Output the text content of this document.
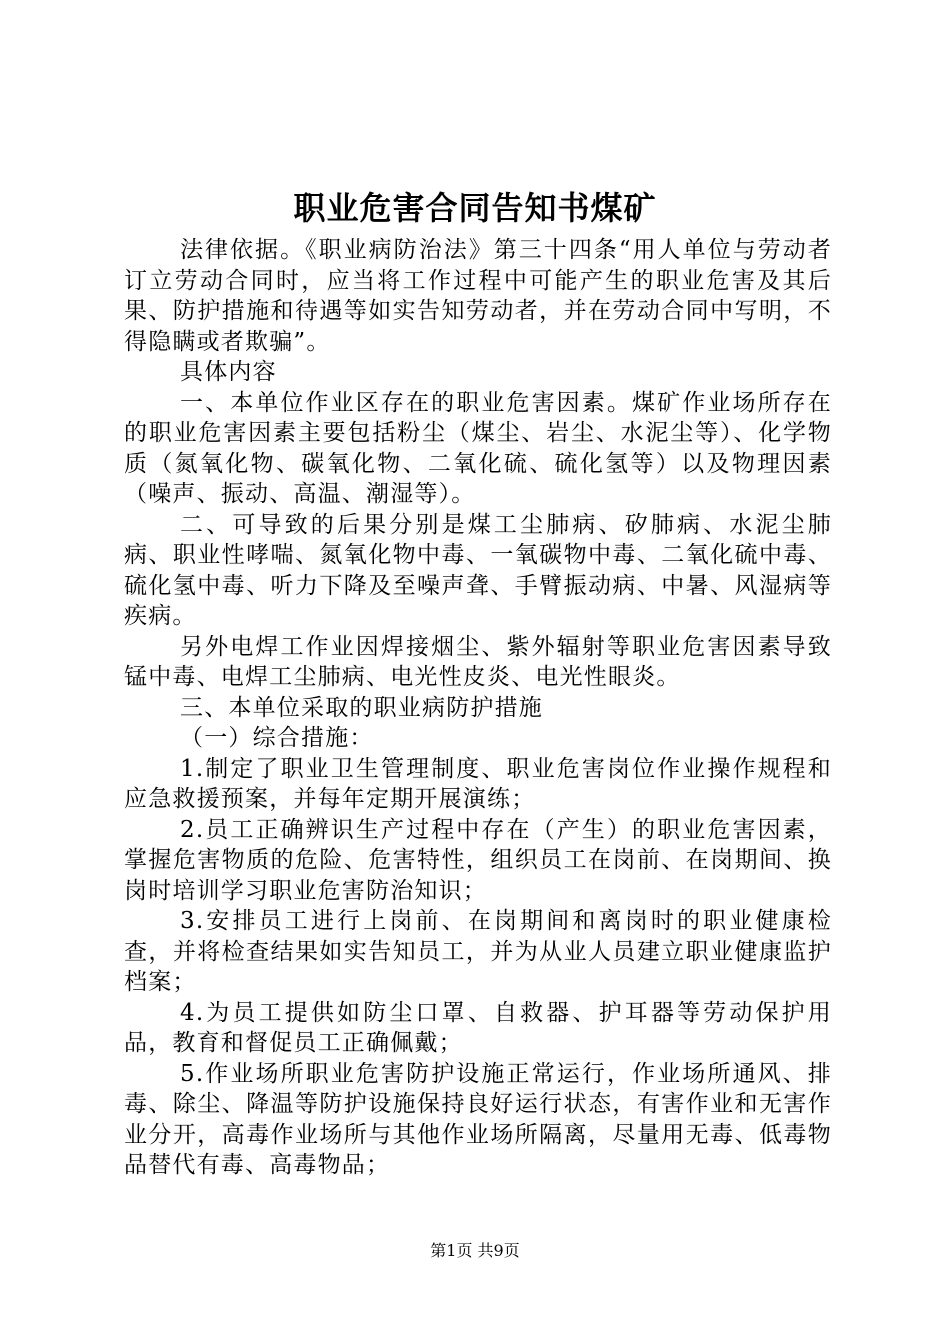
职业危害合同告知书煤矿

法律依据。《职业病防治法》第三十四条“用人单位与劳动者订立劳动合同时，应当将工作过程中可能产生的职业危害及其后果、防护措施和待遇等如实告知劳动者，并在劳动合同中写明，不得隐瞒或者欺骗”。

具体内容

一、本单位作业区存在的职业危害因素。煤矿作业场所存在的职业危害因素主要包括粉尘（煤尘、岩尘、水泥尘等）、化学物质（氮氧化物、碳氧化物、二氧化硫、硫化氢等）以及物理因素（噪声、振动、高温、潮湿等）。

二、可导致的后果分别是煤工尘肺病、矽肺病、水泥尘肺病、职业性哮喘、氮氧化物中毒、一氧碳物中毒、二氧化硫中毒、硫化氢中毒、听力下降及至噪声聋、手臂振动病、中暑、风湿病等疾病。

另外电焊工作业因焊接烟尘、紫外辐射等职业危害因素导致锰中毒、电焊工尘肺病、电光性皮炎、电光性眼炎。

三、本单位采取的职业病防护措施

（一）综合措施：

1.制定了职业卫生管理制度、职业危害岗位作业操作规程和应急救援预案，并每年定期开展演练；

2.员工正确辨识生产过程中存在（产生）的职业危害因素，掌握危害物质的危险、危害特性，组织员工在岗前、在岗期间、换岗时培训学习职业危害防治知识；

3.安排员工进行上岗前、在岗期间和离岗时的职业健康检查，并将检查结果如实告知员工，并为从业人员建立职业健康监护档案；

4.为员工提供如防尘口罩、自救器、护耳器等劳动保护用品，教育和督促员工正确佩戴；

5.作业场所职业危害防护设施正常运行，作业场所通风、排毒、除尘、降温等防护设施保持良好运行状态，有害作业和无害作业分开，高毒作业场所与其他作业场所隔离，尽量用无毒、低毒物品替代有毒、高毒物品；

第1页 共9页
